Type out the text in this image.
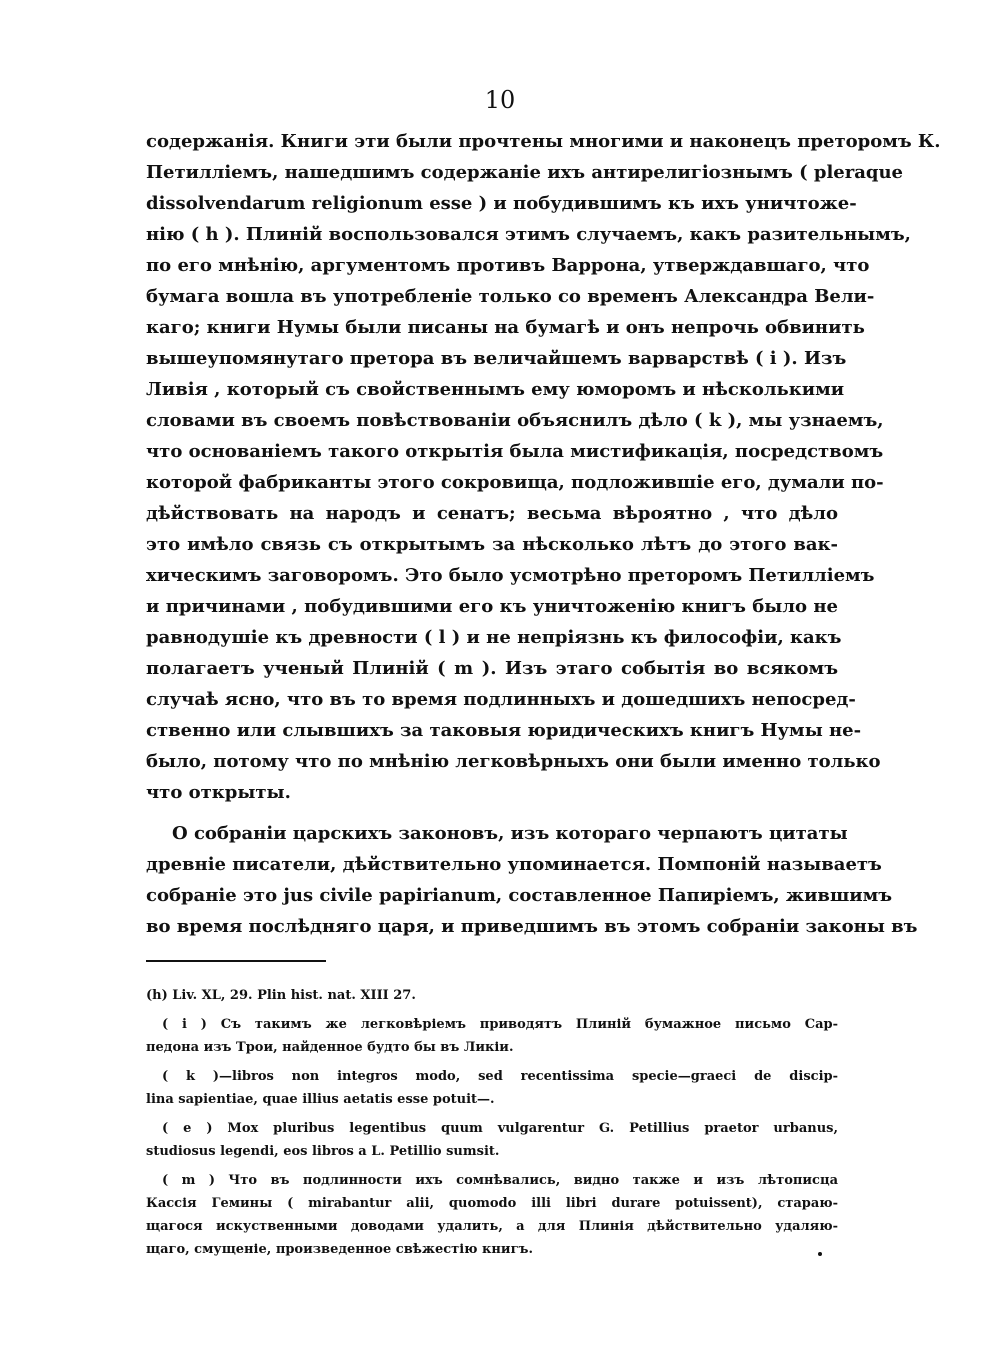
10
содержанія. Книги эти были прочтены многими и наконецъ преторомъ К.
Петилліемъ, нашедшимъ содержаніе ихъ антирелигіознымъ ( pleraque
dissolvendarum religionum esse ) и побудившимъ къ ихъ уничтоже-
нію ( h ). Плиній воспользовался этимъ случаемъ, какъ разительнымъ,
по его мнѣнію, аргументомъ противъ Варрона, утверждавшаго, что
бумага вошла въ употребленіе только со временъ Александра Вели-
каго; книги Нумы были писаны на бумагѣ и онъ непрочь обвинить
вышеупомянутаго претора въ величайшемъ варварствѣ ( i ). Изъ
Ливія , который съ свойственнымъ ему юморомъ и нѣсколькими
словами въ своемъ повѣствованіи объяснилъ дѣло ( k ), мы узнаемъ,
что основаніемъ такого открытія была мистификація, посредствомъ
которой фабриканты этого сокровища, подложившіе его, думали по-
дѣйствовать на народъ и сенатъ; весьма вѣроятно , что дѣло
это имѣло связь съ открытымъ за нѣсколько лѣтъ до этого вак-
хическимъ заговоромъ. Это было усмотрѣно преторомъ Петилліемъ
и причинами , побудившими его къ уничтоженію книгъ было не
равнодушіе къ древности ( l ) и не непріязнь къ философіи, какъ
полагаетъ ученый Плиній ( m ). Изъ этаго событія во всякомъ
случаѣ ясно, что въ то время подлинныхъ и дошедшихъ непосред-
ственно или слывшихъ за таковыя юридическихъ книгъ Нумы не-
было, потому что по мнѣнію легковѣрныхъ они были именно только
что открыты.
О собраніи царскихъ законовъ, изъ котораго черпаютъ цитаты
древніе писатели, дѣйствительно упоминается. Помпоній называетъ
собраніе это jus civile papirianum, составленное Папиріемъ, жившимъ
во время послѣдняго царя, и приведшимъ въ этомъ собраніи законы въ
(h) Liv. XL, 29. Plin hist. nat. XIII 27.
( i ) Съ такимъ же легковѣріемъ приводятъ Плиній бумажное письмо Сар-
педона изъ Трои, найденное будто бы въ Ликіи.
( k )—libros non integros modo, sed recentissima specie—graeci de discip-
lina sapientiae, quae illius aetatis esse potuit—.
( e ) Mox pluribus legentibus quum vulgarentur G. Petillius praetor urbanus,
studiosus legendi, eos libros a L. Petillio sumsit.
( m ) Что въ подлинности ихъ сомнѣвались, видно также и изъ лѣтописца
Кассія Гемины ( mirabantur alii, quomodo illi libri durare potuissent), стараю-
щагося искуственными доводами удалить, а для Плинія дѣйствительно удаляю-
щаго, смущеніе, произведенное свѣжестію книгъ.
